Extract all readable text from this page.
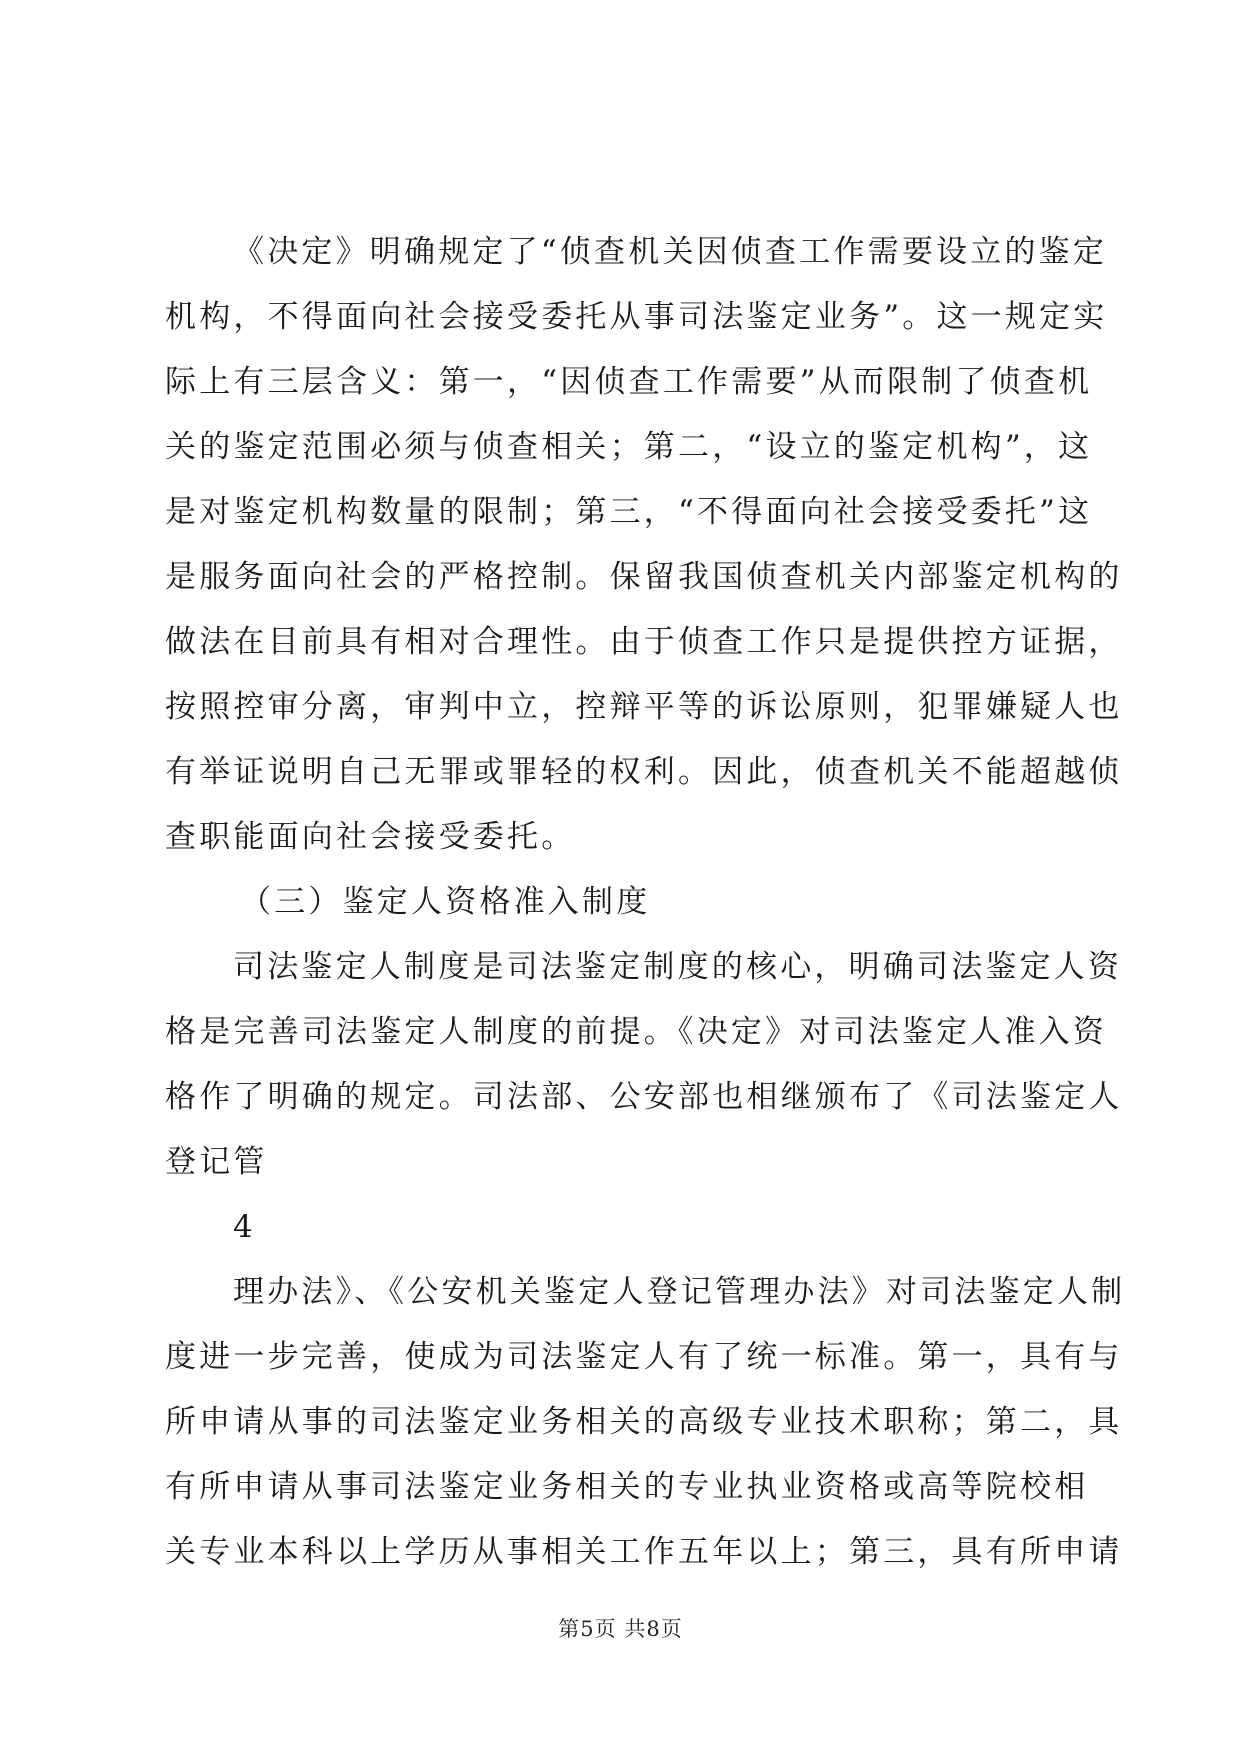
《决定》明确规定了“侦查机关因侦查工作需要设立的鉴定
机构，不得面向社会接受委托从事司法鉴定业务”。这一规定实
际上有三层含义：第一，“因侦查工作需要”从而限制了侦查机
关的鉴定范围必须与侦查相关；第二，“设立的鉴定机构”，这
是对鉴定机构数量的限制；第三，“不得面向社会接受委托”这
是服务面向社会的严格控制。保留我国侦查机关内部鉴定机构的
做法在目前具有相对合理性。由于侦查工作只是提供控方证据，
按照控审分离，审判中立，控辩平等的诉讼原则，犯罪嫌疑人也
有举证说明自己无罪或罪轻的权利。因此，侦查机关不能超越侦
查职能面向社会接受委托。
（三）鉴定人资格准入制度
司法鉴定人制度是司法鉴定制度的核心，明确司法鉴定人资
格是完善司法鉴定人制度的前提。《决定》对司法鉴定人准入资
格作了明确的规定。司法部、公安部也相继颁布了《司法鉴定人
登记管
4
理办法》、《公安机关鉴定人登记管理办法》对司法鉴定人制
度进一步完善，使成为司法鉴定人有了统一标准。第一，具有与
所申请从事的司法鉴定业务相关的高级专业技术职称；第二，具
有所申请从事司法鉴定业务相关的专业执业资格或高等院校相
关专业本科以上学历从事相关工作五年以上；第三，具有所申请
第5页 共8页
